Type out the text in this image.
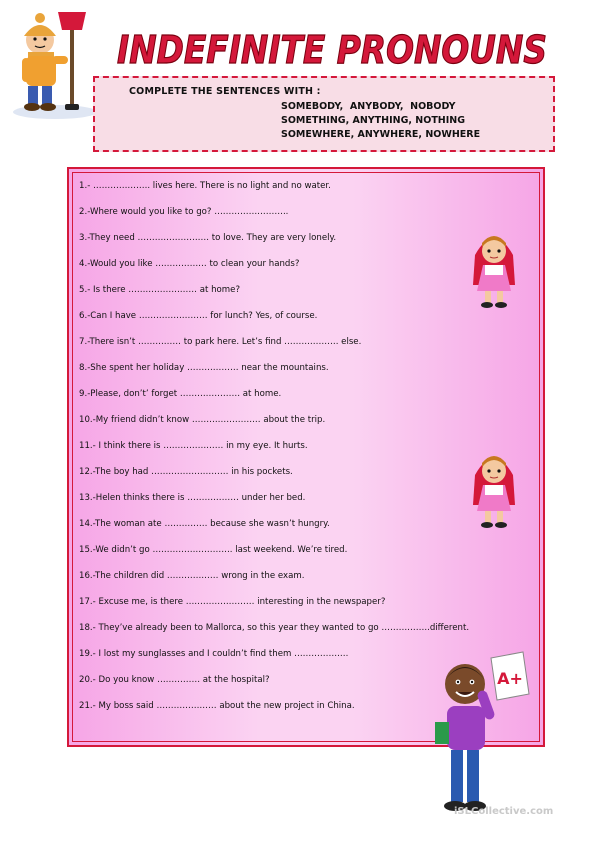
INDEFINITE PRONOUNS
COMPLETE THE SENTENCES WITH :
SOMEBODY,  ANYBODY,  NOBODY
SOMETHING, ANYTHING, NOTHING
SOMEWHERE, ANYWHERE, NOWHERE
1.- ……………….. lives here. There is no light and no water.
2.-Where would you like to go? ……………………..
3.-They need ……………………. to love. They are very lonely.
4.-Would you like ……………… to clean your hands?
5.- Is there …………………… at home?
6.-Can I have …………………… for lunch? Yes, of course.
7.-There isn’t …………… to park here. Let’s find ………………. else.
8.-She spent her holiday ……………… near the mountains.
9.-Please, don’t’ forget ………………… at home.
10.-My friend didn’t know …………………… about the trip.
11.- I think there is ………………… in my eye. It hurts.
12.-The boy had ……………………… in his pockets.
13.-Helen thinks there is ……………… under her bed.
14.-The woman ate …………… because she wasn’t hungry.
15.-We didn’t go ………………………. last weekend. We’re tired.
16.-The children did ……………… wrong in the exam.
17.- Excuse me, is there …………………… interesting in the newspaper?
18.- They’ve already been to Mallorca, so this year they wanted to go ……………..different.
19.- I lost my sunglasses and I couldn’t find them ……………….
20.- Do you know …………… at the hospital?
21.- My boss said ………………… about the new project in China.
A+
iSLCollective.com
